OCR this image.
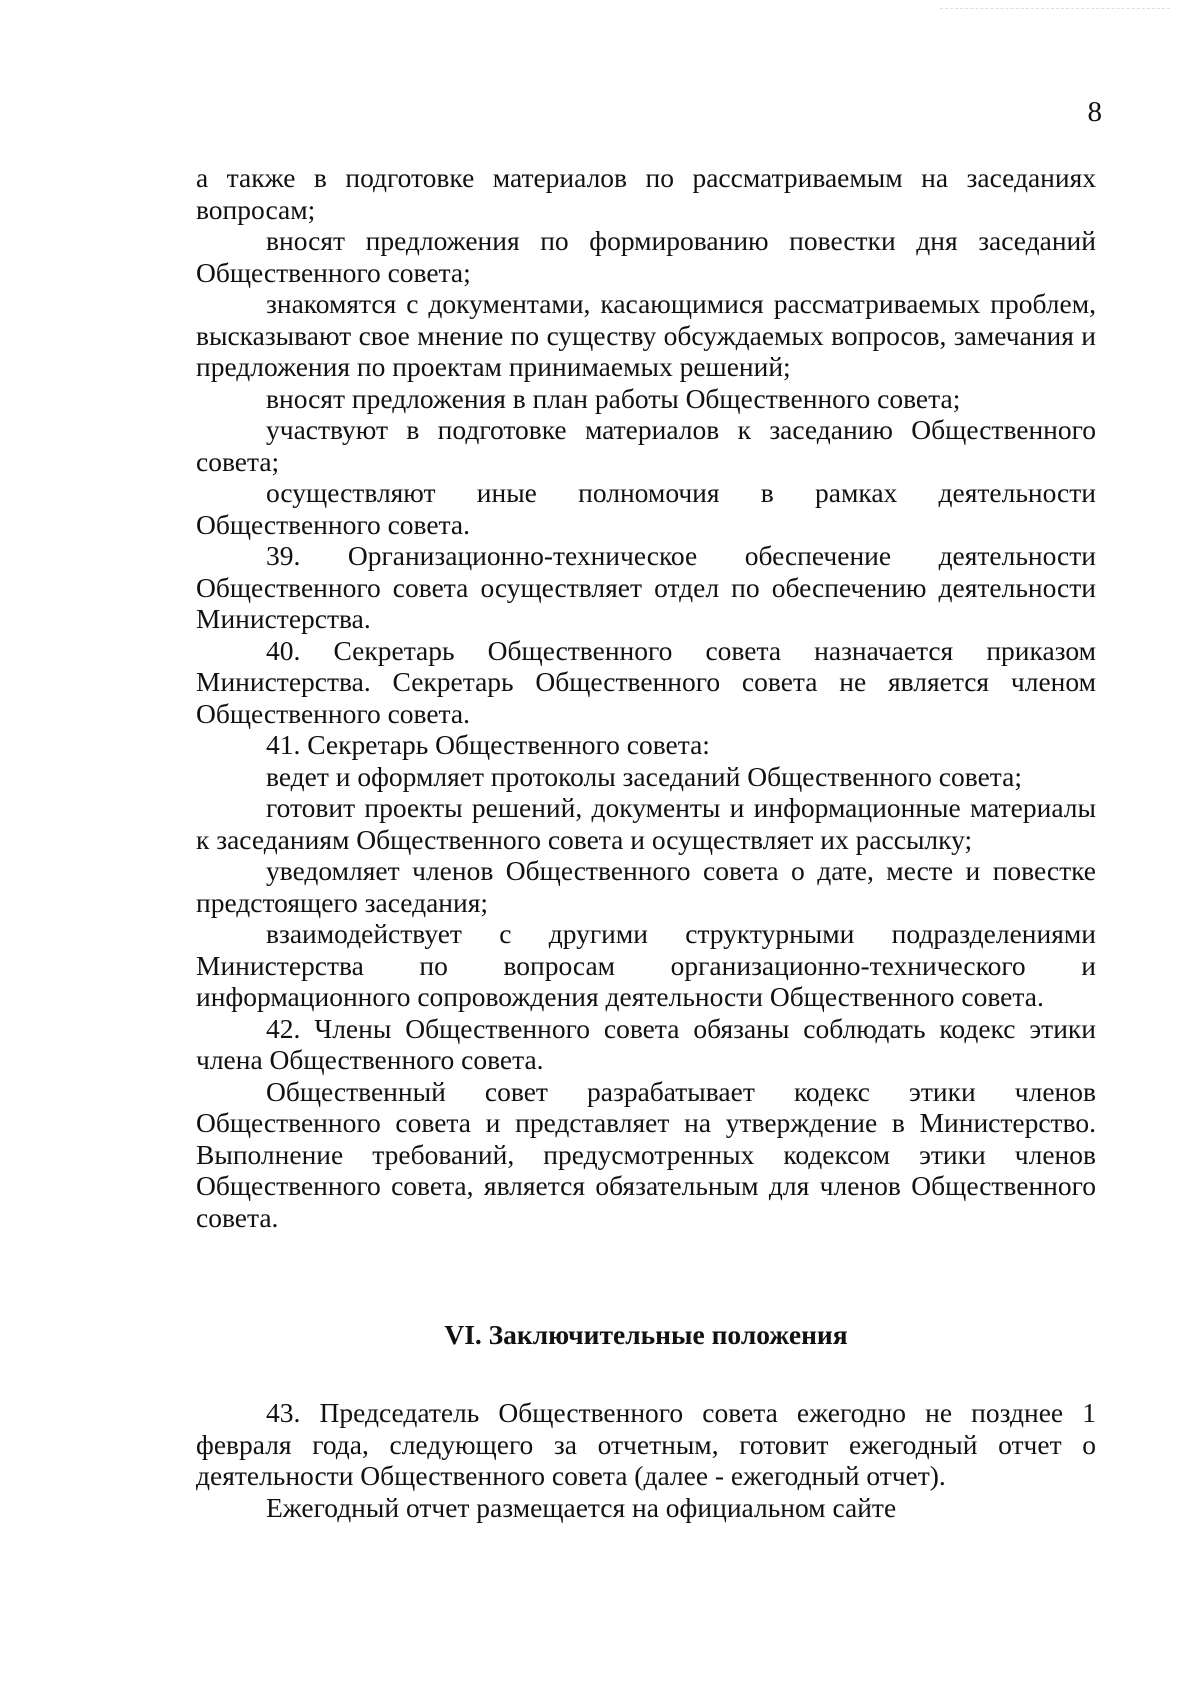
8

а также в подготовке материалов по рассматриваемым на заседаниях вопросам;

вносят предложения по формированию повестки дня заседаний Общественного совета;

знакомятся с документами, касающимися рассматриваемых проблем, высказывают свое мнение по существу обсуждаемых вопросов, замечания и предложения по проектам принимаемых решений;

вносят предложения в план работы Общественного совета;

участвуют в подготовке материалов к заседанию Общественного совета;

осуществляют иные полномочия в рамках деятельности Общественного совета.

39. Организационно-техническое обеспечение деятельности Общественного совета осуществляет отдел по обеспечению деятельности Министерства.

40. Секретарь Общественного совета назначается приказом Министерства. Секретарь Общественного совета не является членом Общественного совета.

41. Секретарь Общественного совета:

ведет и оформляет протоколы заседаний Общественного совета;

готовит проекты решений, документы и информационные материалы к заседаниям Общественного совета и осуществляет их рассылку;

уведомляет членов Общественного совета о дате, месте и повестке предстоящего заседания;

взаимодействует с другими структурными подразделениями Министерства по вопросам организационно-технического и информационного сопровождения деятельности Общественного совета.

42. Члены Общественного совета обязаны соблюдать кодекс этики члена Общественного совета.

Общественный совет разрабатывает кодекс этики членов Общественного совета и представляет на утверждение в Министерство. Выполнение требований, предусмотренных кодексом этики членов Общественного совета, является обязательным для членов Общественного совета.

VI. Заключительные положения

43. Председатель Общественного совета ежегодно не позднее 1 февраля года, следующего за отчетным, готовит ежегодный отчет о деятельности Общественного совета (далее - ежегодный отчет).

Ежегодный отчет размещается на официальном сайте
